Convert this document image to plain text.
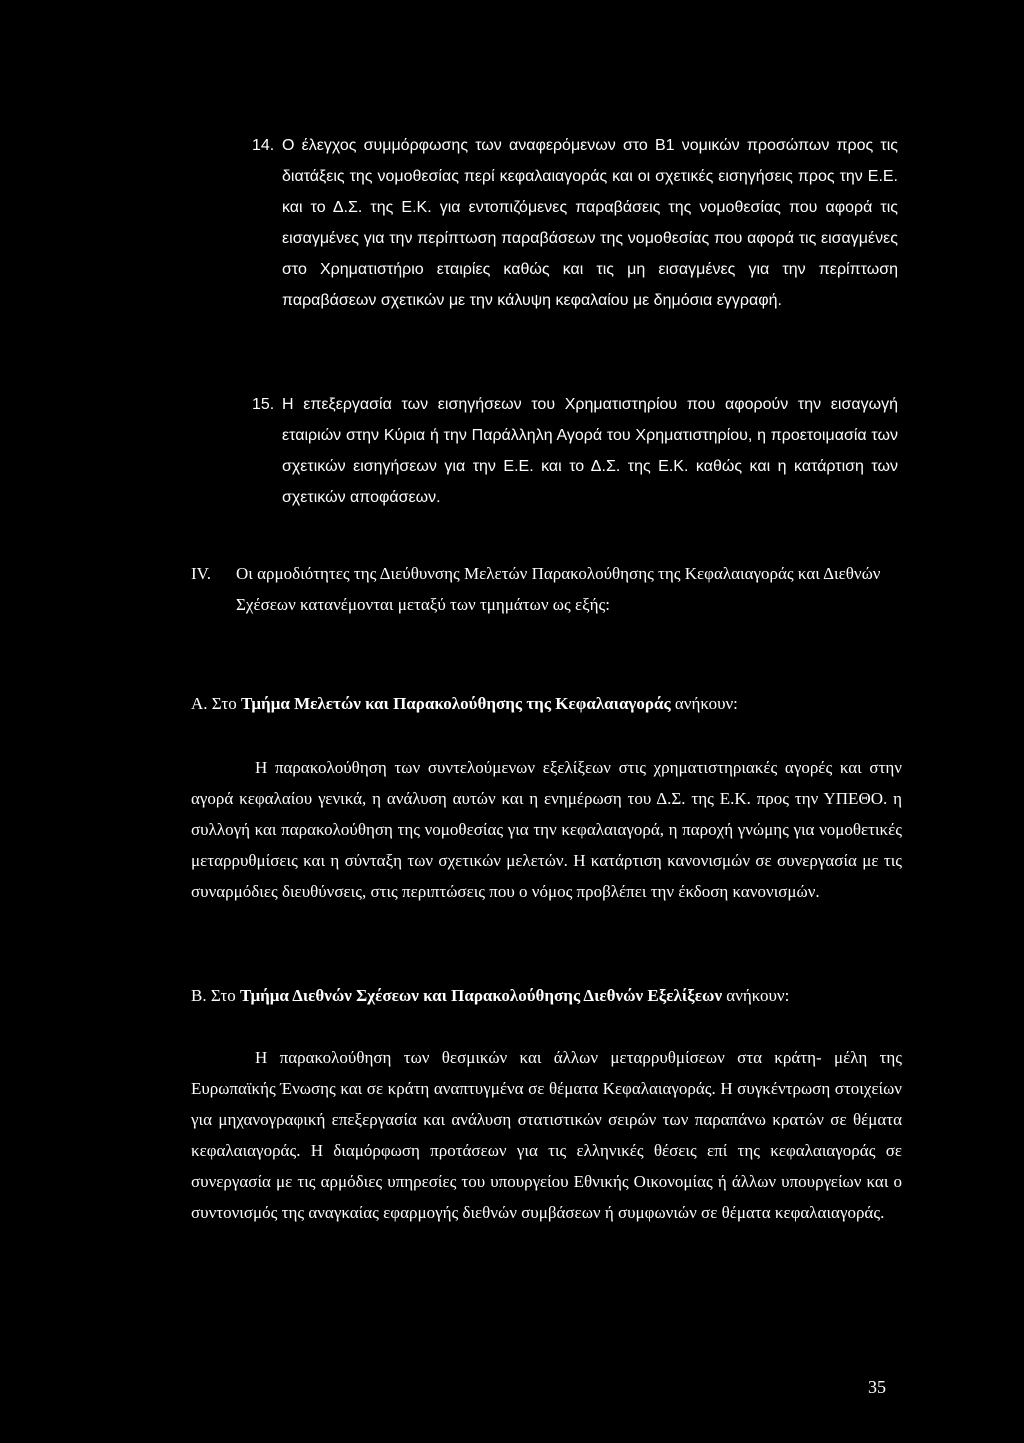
14. Ο έλεγχος συμμόρφωσης των αναφερόμενων στο Β1 νομικών προσώπων προς τις διατάξεις της νομοθεσίας περί κεφαλαιαγοράς και οι σχετικές εισηγήσεις προς την Ε.Ε. και το Δ.Σ. της Ε.Κ. για εντοπιζόμενες παραβάσεις της νομοθεσίας που αφορά τις εισαγμένες για την περίπτωση παραβάσεων της νομοθεσίας που αφορά τις εισαγμένες στο Χρηματιστήριο εταιρίες καθώς και τις μη εισαγμένες για την περίπτωση παραβάσεων σχετικών με την κάλυψη κεφαλαίου με δημόσια εγγραφή.

15. Η επεξεργασία των εισηγήσεων του Χρηματιστηρίου που αφορούν την εισαγωγή εταιριών στην Κύρια ή την Παράλληλη Αγορά του Χρηματιστηρίου, η προετοιμασία των σχετικών εισηγήσεων για την Ε.Ε. και το Δ.Σ. της Ε.Κ. καθώς και η κατάρτιση των σχετικών αποφάσεων.

IV.	Οι αρμοδιότητες της Διεύθυνσης Μελετών Παρακολούθησης της Κεφαλαιαγοράς και Διεθνών Σχέσεων κατανέμονται μεταξύ των τμημάτων ως εξής:

Α. Στο Τμήμα Μελετών και Παρακολούθησης της Κεφαλαιαγοράς ανήκουν:

Η παρακολούθηση των συντελούμενων εξελίξεων στις χρηματιστηριακές αγορές και στην αγορά κεφαλαίου γενικά, η ανάλυση αυτών και η ενημέρωση του Δ.Σ. της Ε.Κ. προς την ΥΠΕΘΟ. η συλλογή και παρακολούθηση της νομοθεσίας για την κεφαλαιαγορά, η παροχή γνώμης για νομοθετικές μεταρρυθμίσεις και η σύνταξη των σχετικών μελετών. Η κατάρτιση κανονισμών σε συνεργασία με τις συναρμόδιες διευθύνσεις, στις περιπτώσεις που ο νόμος προβλέπει την έκδοση κανονισμών.

Β. Στο Τμήμα Διεθνών Σχέσεων και Παρακολούθησης Διεθνών Εξελίξεων ανήκουν:

Η παρακολούθηση των θεσμικών και άλλων μεταρρυθμίσεων στα κράτη- μέλη της Ευρωπαϊκής Ένωσης και σε κράτη αναπτυγμένα σε θέματα Κεφαλαιαγοράς. Η συγκέντρωση στοιχείων για μηχανογραφική επεξεργασία και ανάλυση στατιστικών σειρών των παραπάνω κρατών σε θέματα κεφαλαιαγοράς. Η διαμόρφωση προτάσεων για τις ελληνικές θέσεις επί της κεφαλαιαγοράς σε συνεργασία με τις αρμόδιες υπηρεσίες του υπουργείου Εθνικής Οικονομίας ή άλλων υπουργείων και ο συντονισμός της αναγκαίας εφαρμογής διεθνών συμβάσεων ή συμφωνιών σε θέματα κεφαλαιαγοράς.

35
